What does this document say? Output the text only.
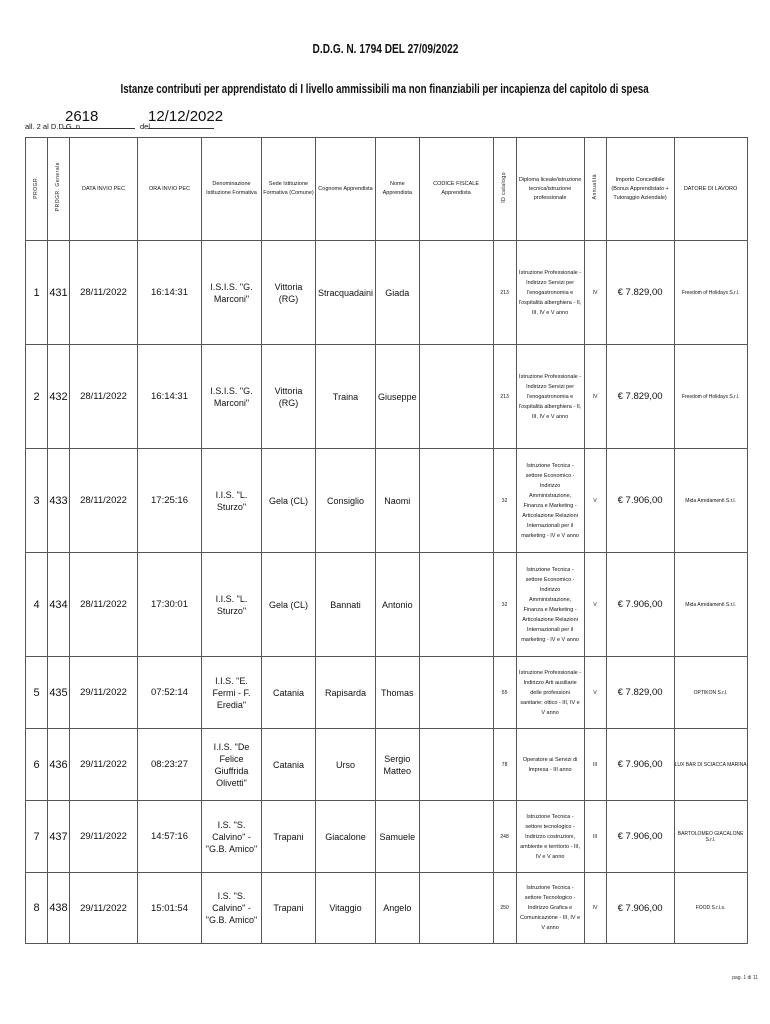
D.D.G. N. 1794 DEL 27/09/2022
Istanze contributi per apprendistato di I livello ammissibili ma non finanziabili per incapienza del capitolo di spesa
all. 2 al D.D.G. n.
2618
del
12/12/2022
PROGR.	PROGR. Generale	DATA INVIO PEC	ORA INVIO PEC	Denominazione Istituzione Formativa	Sede Istituzione Formativa (Comune)	Cognome Apprendista	Nome Apprendista	CODICE FISCALE Apprendista	ID catalogo	Diploma liceale/istruzione tecnica/istruzione professionale	Annualità	Importo Concedibile (Bonus Apprendistato + Tutoraggio Aziendale)	DATORE DI LAVORO
1	431	28/11/2022	16:14:31	I.S.I.S. "G. Marconi"	Vittoria (RG)	Stracquadaini	Giada		213	Istruzione Professionale - Indirizzo Servizi per l'enogastronomia e l'ospitalità alberghiera - II, III, IV e V anno	IV	€ 7.829,00	Freedom of Holidays S.r.l.
2	432	28/11/2022	16:14:31	I.S.I.S. "G. Marconi"	Vittoria (RG)	Traina	Giuseppe		213	Istruzione Professionale - Indirizzo Servizi per l'enogastronomia e l'ospitalità alberghiera - II, III, IV e V anno	IV	€ 7.829,00	Freedom of Holidays S.r.l.
3	433	28/11/2022	17:25:16	I.I.S. "L. Sturzo"	Gela (CL)	Consiglio	Naomi		32	Istruzione Tecnica - settore Economico - Indirizzo Amministrazione, Finanza e Marketing - Articolazione Relazioni Internazionali per il marketing - IV e V anno	V	€ 7.906,00	Mida Arredamenti S.r.l.
4	434	28/11/2022	17:30:01	I.I.S. "L. Sturzo"	Gela (CL)	Bannati	Antonio		32	Istruzione Tecnica - settore Economico - Indirizzo Amministrazione, Finanza e Marketing - Articolazione Relazioni Internazionali per il marketing - IV e V anno	V	€ 7.906,00	Mida Arredamenti S.r.l.
5	435	29/11/2022	07:52:14	I.I.S. "E. Fermi - F. Eredia"	Catania	Rapisarda	Thomas		55	Istruzione Professionale - Indirizzo Arti ausiliarie delle professioni sanitarie: ottico - III, IV e V anno	V	€ 7.829,00	OPTIKON S.r.l.
6	436	29/11/2022	08:23:27	I.I.S. "De Felice Giuffrida Olivetti"	Catania	Urso	Sergio Matteo		78	Operatore ai Servizi di Impresa - III anno	III	€ 7.906,00	LUX BAR DI SCIACCA MARINA
7	437	29/11/2022	14:57:16	I.S. "S. Calvino" - "G.B. Amico"	Trapani	Giacalone	Samuele		248	Istruzione Tecnica - settore tecnologico - Indirizzo costruzioni, ambiente e territorio - III, IV e V anno	III	€ 7.906,00	BARTOLOMEO GIACALONE S.r.l.
8	438	29/11/2022	15:01:54	I.S. "S. Calvino" - "G.B. Amico"	Trapani	Vitaggio	Angelo		250	Istruzione Tecnica - settore Tecnologico - Indirizzo Grafica e Comunicazione - III, IV e V anno	IV	€ 7.906,00	FOOD S.r.l.s.
pag. 1 di 11
